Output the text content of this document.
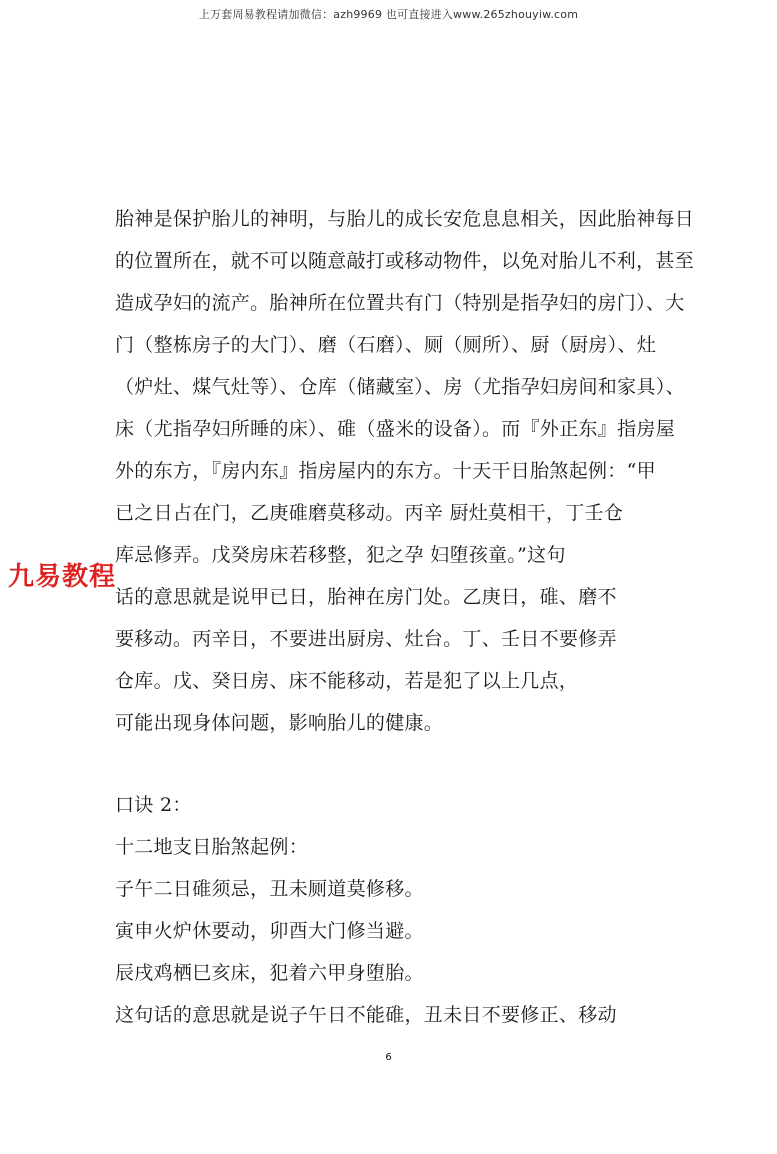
上万套周易教程请加微信：azh9969 也可直接进入www.265zhouyiw.com
胎神是保护胎儿的神明，与胎儿的成长安危息息相关，因此胎神每日
的位置所在，就不可以随意敲打或移动物件，以免对胎儿不利，甚至
造成孕妇的流产。胎神所在位置共有门（特别是指孕妇的房门）、大
门（整栋房子的大门）、磨（石磨）、厕（厕所）、厨（厨房）、灶
（炉灶、煤气灶等）、仓库（储藏室）、房（尤指孕妇房间和家具）、
床（尤指孕妇所睡的床）、碓（盛米的设备）。而『外正东』指房屋
外的东方，『房内东』指房屋内的东方。十天干日胎煞起例：“甲
已之日占在门，乙庚碓磨莫移动。丙辛 厨灶莫相干，丁壬仓
库忌修弄。戊癸房床若移整，犯之孕 妇堕孩童。”这句
话的意思就是说甲已日，胎神在房门处。乙庚日，碓、磨不
要移动。丙辛日，不要进出厨房、灶台。丁、壬日不要修弄
仓库。戊、癸日房、床不能移动，若是犯了以上几点，
可能出现身体问题，影响胎儿的健康。
口诀 2：
十二地支日胎煞起例：
子午二日碓须忌，丑未厕道莫修移。
寅申火炉休要动，卯酉大门修当避。
辰戌鸡栖巳亥床，犯着六甲身堕胎。
这句话的意思就是说子午日不能碓，丑未日不要修正、移动
九易教程
6
